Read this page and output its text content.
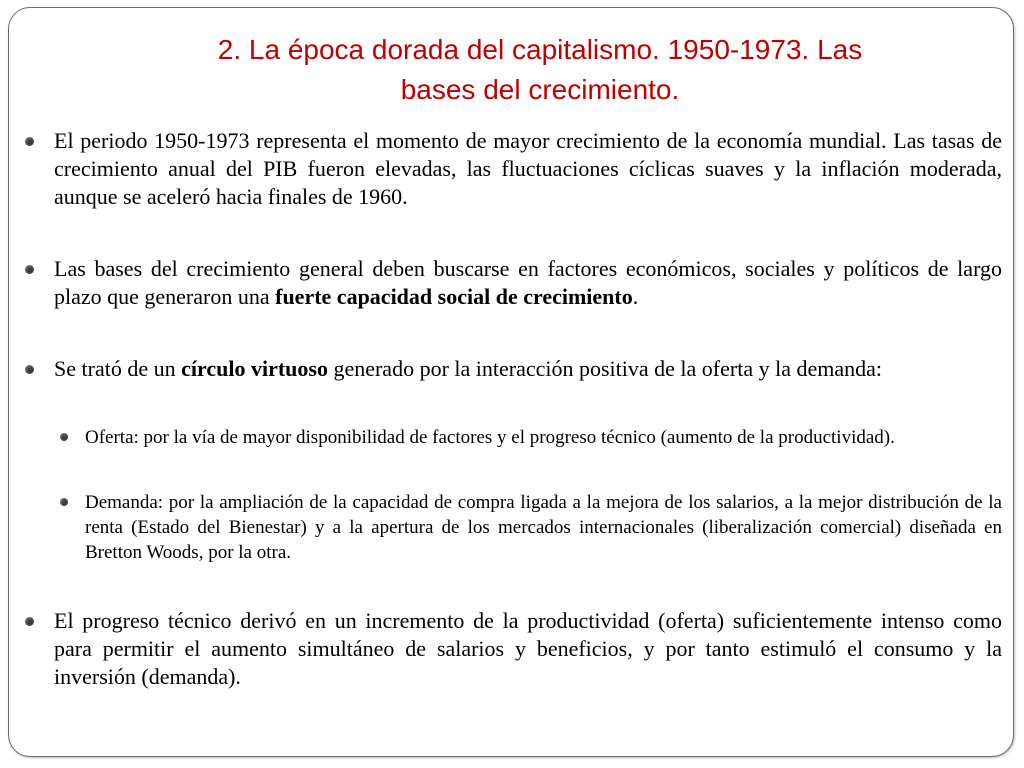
2. La época dorada del capitalismo. 1950-1973. Las
bases del crecimiento.
El periodo 1950-1973 representa el momento de mayor crecimiento de la economía mundial. Las tasas de crecimiento anual del PIB fueron elevadas, las fluctuaciones cíclicas suaves y la inflación moderada, aunque se aceleró hacia finales de 1960.
Las bases del crecimiento general deben buscarse en factores económicos, sociales y políticos de largo plazo que generaron una fuerte capacidad social de crecimiento.
Se trató de un círculo virtuoso generado por la interacción positiva de la oferta y la demanda:
Oferta: por la vía de mayor disponibilidad de factores y el progreso técnico (aumento de la productividad).
Demanda: por la ampliación de la capacidad de compra ligada a la mejora de los salarios, a la mejor distribución de la renta (Estado del Bienestar) y a la apertura de los mercados internacionales (liberalización comercial) diseñada en Bretton Woods, por la otra.
El progreso técnico derivó en un incremento de la productividad (oferta) suficientemente intenso como para permitir el aumento simultáneo de salarios y beneficios, y por tanto estimuló el consumo y la inversión (demanda).
